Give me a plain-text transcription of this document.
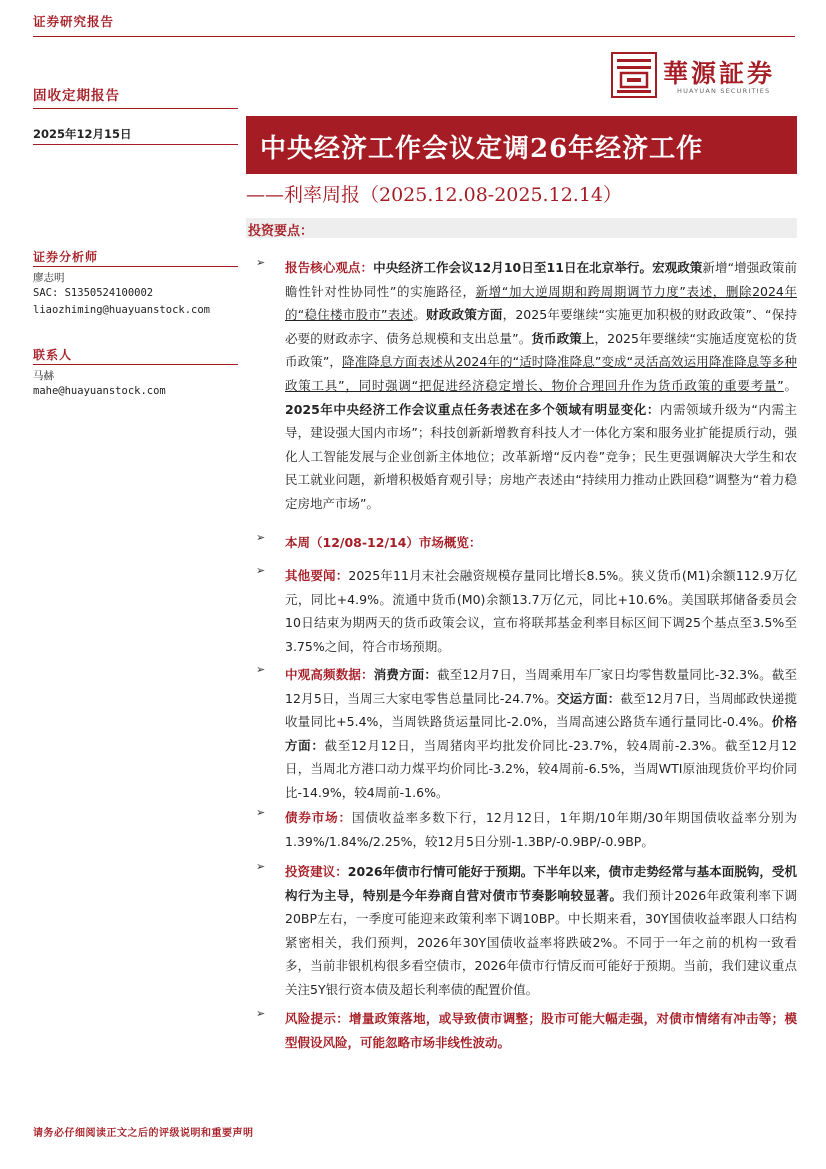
证券研究报告
固收定期报告
華源証券
HUAYUAN SECURITIES
2025年12月15日	中央经济工作会议定调26年经济工作
——利率周报（2025.12.08-2025.12.14）
投资要点：
证券分析师
廖志明
SAC: S1350524100002
liaozhiming@huayuanstock.com
联系人
马赫
mahe@huayuanstock.com
➢ 报告核心观点：中央经济工作会议12月10日至11日在北京举行。宏观政策新增“增强政策前瞻性针对性协同性”的实施路径，新增“加大逆周期和跨周期调节力度”表述，删除2024年的“稳住楼市股市”表述。财政政策方面，2025年要继续“实施更加积极的财政政策”、“保持必要的财政赤字、债务总规模和支出总量”。货币政策上，2025年要继续“实施适度宽松的货币政策”，降准降息方面表述从2024年的“适时降准降息”变成“灵活高效运用降准降息等多种政策工具”，同时强调“把促进经济稳定增长、物价合理回升作为货币政策的重要考量”。2025年中央经济工作会议重点任务表述在多个领域有明显变化：内需领域升级为“内需主导，建设强大国内市场”；科技创新新增教育科技人才一体化方案和服务业扩能提质行动，强化人工智能发展与企业创新主体地位；改革新增“反内卷”竞争；民生更强调解决大学生和农民工就业问题，新增积极婚育观引导；房地产表述由“持续用力推动止跌回稳”调整为“着力稳定房地产市场”。
➢ 本周（12/08-12/14）市场概览：
➢ 其他要闻：2025年11月末社会融资规模存量同比增长8.5%。狭义货币(M1)余额112.9万亿元，同比+4.9%。流通中货币(M0)余额13.7万亿元，同比+10.6%。美国联邦储备委员会10日结束为期两天的货币政策会议，宣布将联邦基金利率目标区间下调25个基点至3.5%至3.75%之间，符合市场预期。
➢ 中观高频数据：消费方面：截至12月7日，当周乘用车厂家日均零售数量同比-32.3%。截至12月5日，当周三大家电零售总量同比-24.7%。交运方面：截至12月7日，当周邮政快递揽收量同比+5.4%，当周铁路货运量同比-2.0%，当周高速公路货车通行量同比-0.4%。价格方面：截至12月12日，当周猪肉平均批发价同比-23.7%，较4周前-2.3%。截至12月12日，当周北方港口动力煤平均价同比-3.2%，较4周前-6.5%，当周WTI原油现货价平均价同比-14.9%，较4周前-1.6%。
➢ 债券市场：国债收益率多数下行，12月12日，1年期/10年期/30年期国债收益率分别为1.39%/1.84%/2.25%，较12月5日分别-1.3BP/-0.9BP/-0.9BP。
➢ 投资建议：2026年债市行情可能好于预期。下半年以来，债市走势经常与基本面脱钩，受机构行为主导，特别是今年券商自营对债市节奏影响较显著。我们预计2026年政策利率下调20BP左右，一季度可能迎来政策利率下调10BP。中长期来看，30Y国债收益率跟人口结构紧密相关，我们预判，2026年30Y国债收益率将跌破2%。不同于一年之前的机构一致看多，当前非银机构很多看空债市，2026年债市行情反而可能好于预期。当前，我们建议重点关注5Y银行资本债及超长利率债的配置价值。
➢ 风险提示：增量政策落地，或导致债市调整；股市可能大幅走强，对债市情绪有冲击等；模型假设风险，可能忽略市场非线性波动。
请务必仔细阅读正文之后的评级说明和重要声明
